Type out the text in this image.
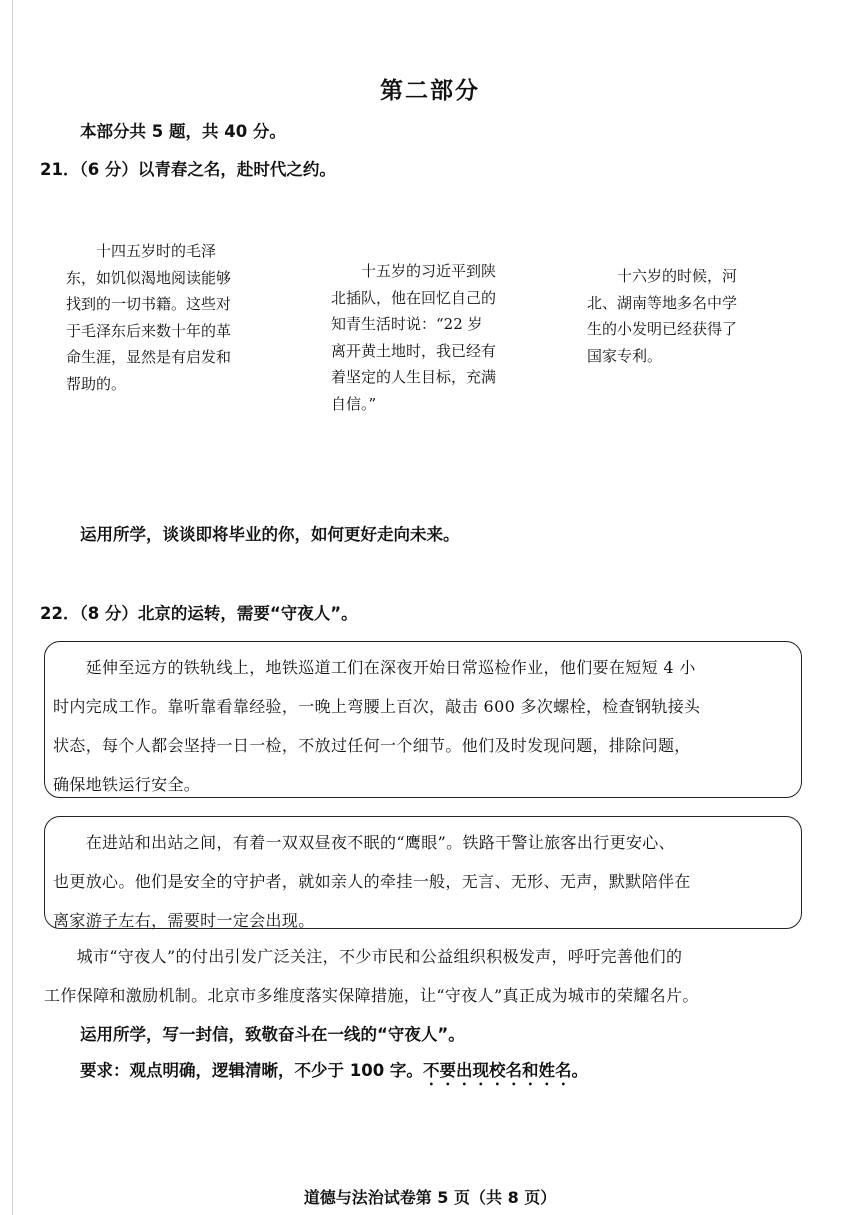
第二部分
本部分共 5 题，共 40 分。
21．（6 分）以青春之名，赴时代之约。
　　十四五岁时的毛泽
东，如饥似渴地阅读能够
找到的一切书籍。这些对
于毛泽东后来数十年的革
命生涯，显然是有启发和
帮助的。
　　十五岁的习近平到陕
北插队，他在回忆自己的
知青生活时说：“22 岁
离开黄土地时，我已经有
着坚定的人生目标，充满
自信。”
　　十六岁的时候，河
北、湖南等地多名中学
生的小发明已经获得了
国家专利。
运用所学，谈谈即将毕业的你，如何更好走向未来。
22．（8 分）北京的运转，需要“守夜人”。
　　延伸至远方的铁轨线上，地铁巡道工们在深夜开始日常巡检作业，他们要在短短 4 小
时内完成工作。靠听靠看靠经验，一晚上弯腰上百次，敲击 600 多次螺栓，检查钢轨接头
状态，每个人都会坚持一日一检，不放过任何一个细节。他们及时发现问题，排除问题，
确保地铁运行安全。
　　在进站和出站之间，有着一双双昼夜不眠的“鹰眼”。铁路干警让旅客出行更安心、
也更放心。他们是安全的守护者，就如亲人的牵挂一般，无言、无形、无声，默默陪伴在
离家游子左右，需要时一定会出现。
　　城市“守夜人”的付出引发广泛关注，不少市民和公益组织积极发声，呼吁完善他们的
工作保障和激励机制。北京市多维度落实保障措施，让“守夜人”真正成为城市的荣耀名片。
运用所学，写一封信，致敬奋斗在一线的“守夜人”。
要求：观点明确，逻辑清晰，不少于 100 字。不要出现校名和姓名。
道德与法治试卷第 5 页（共 8 页）
